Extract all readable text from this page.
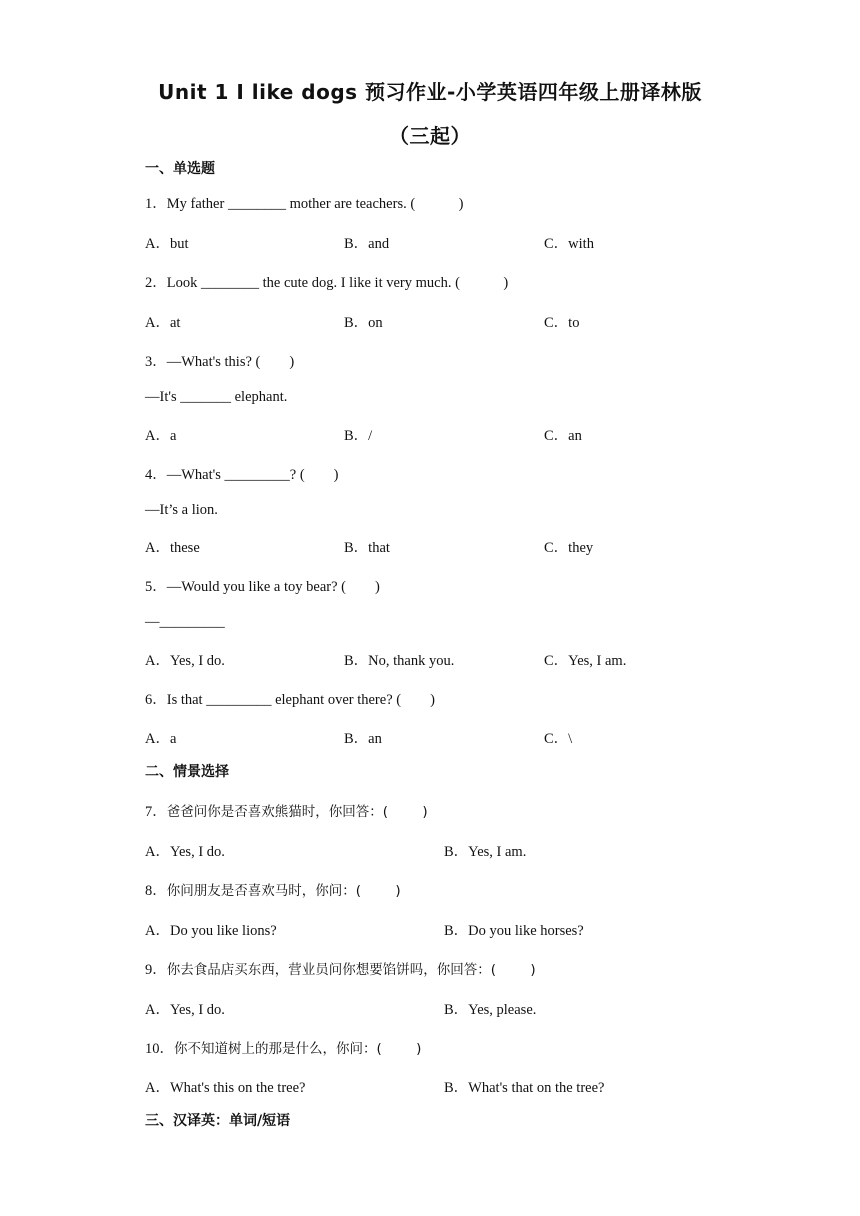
Unit 1 I like dogs 预习作业-小学英语四年级上册译林版
（三起）
一、单选题
1．My father ________ mother are teachers. (            )
A．but	B．and	C．with
2．Look ________ the cute dog. I like it very much. (            )
A．at	B．on	C．to
3．—What's this? (        )
—It's _______ elephant.
A．a	B．/	C．an
4．—What's _________? (        )
—It’s a lion.
A．these	B．that	C．they
5．—Would you like a toy bear? (        )
—_________
A．Yes, I do.	B．No, thank you.	C．Yes, I am.
6．Is that _________ elephant over there? (        )
A．a	B．an	C．\
二、情景选择
7．爸爸问你是否喜欢熊猫时，你回答：(        )
A．Yes, I do.	B．Yes, I am.
8．你问朋友是否喜欢马时，你问：(        )
A．Do you like lions?	B．Do you like horses?
9．你去食品店买东西，营业员问你想要馅饼吗，你回答：(        )
A．Yes, I do.	B．Yes, please.
10．你不知道树上的那是什么，你问：(        )
A．What's this on the tree?	B．What's that on the tree?
三、汉译英：单词/短语
